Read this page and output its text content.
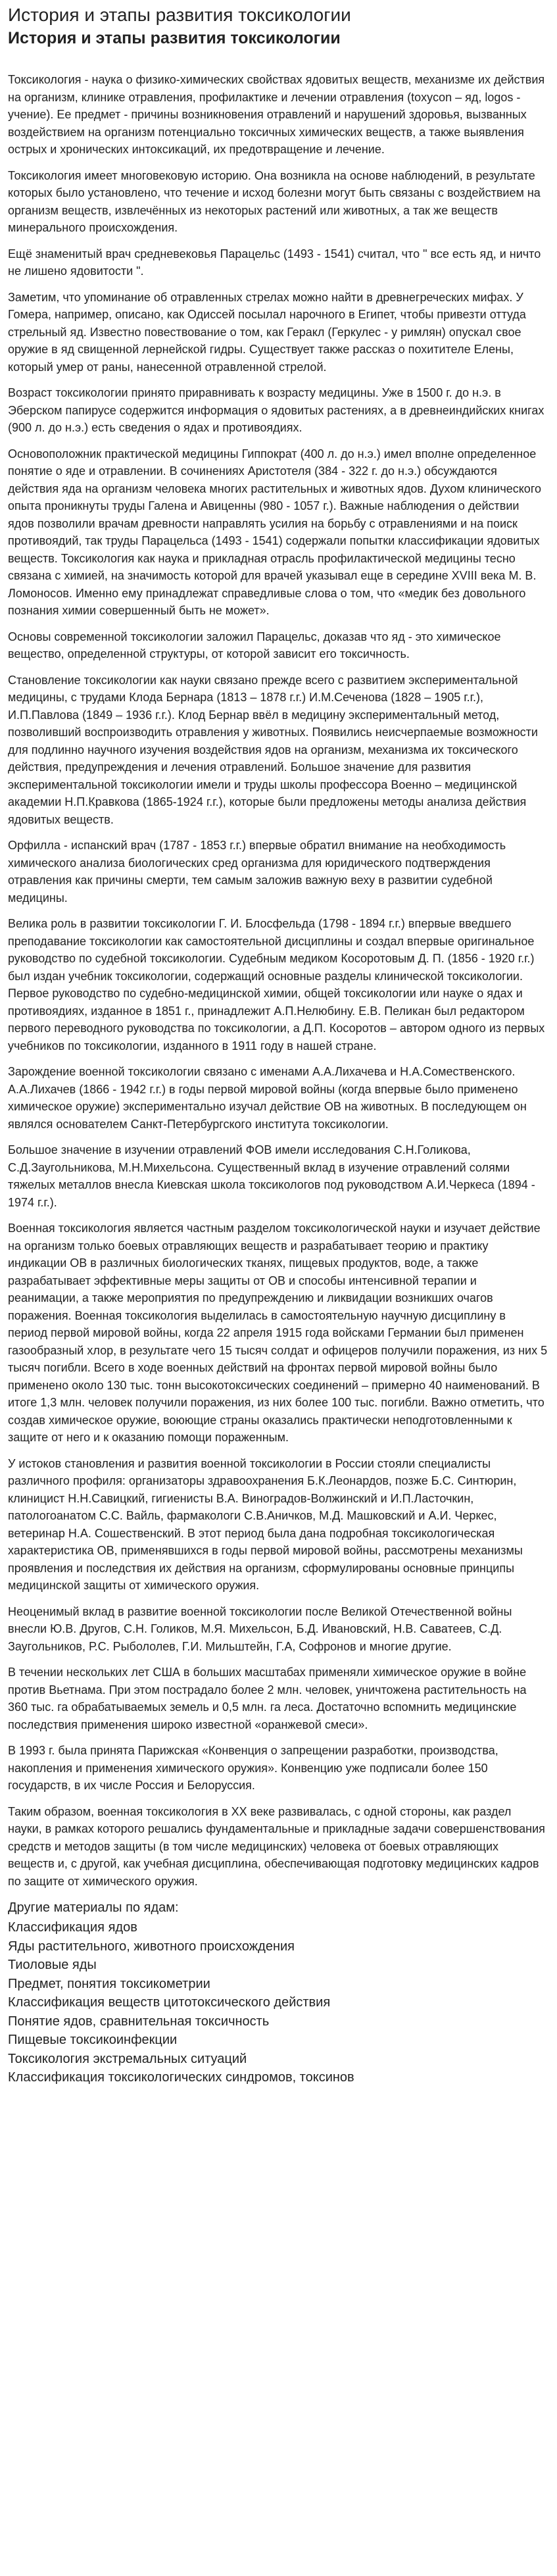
История и этапы развития токсикологии
История и этапы развития токсикологии

Токсикология - наука о физико-химических свойствах ядовитых веществ, механизме их действия на организм, клинике отравления, профилактике и лечении отравления (toxycon – яд, logos - учение). Ее предмет - причины возникновения отравлений и нарушений здоровья, вызванных воздействием на организм потенциально токсичных химических веществ, а также выявления острых и хронических интоксикаций, их предотвращение и лечение.

Токсикология имеет многовековую историю. Она возникла на основе наблюдений, в результате которых было установлено, что течение и исход болезни могут быть связаны с воздействием на организм веществ, извлечённых из некоторых растений или животных, а так же веществ минерального происхождения.

Ещё знаменитый врач средневековья Парацельс (1493 - 1541) считал, что " все есть яд, и ничто не лишено ядовитости ".

Заметим, что упоминание об отравленных стрелах можно найти в древнегреческих мифах. У Гомера, например, описано, как Одиссей посылал нарочного в Египет, чтобы привезти оттуда стрельный яд. Известно повествование о том, как Геракл (Геркулес - у римлян) опускал свое оружие в яд свищенной лернейской гидры. Существует также рассказ о похитителе Елены, который умер от раны, нанесенной отравленной стрелой.

Возраст токсикологии принято приравнивать к возрасту медицины. Уже в 1500 г. до н.э. в Эберском папирусе содержится информация о ядовитых растениях, а в древнеиндийских книгах (900 л. до н.э.) есть сведения о ядах и противоядиях.

Основоположник практической медицины Гиппократ (400 л. до н.э.) имел вполне определенное понятие о яде и отравлении. В сочинениях Аристотеля (384 - 322 г. до н.э.) обсуждаются действия яда на организм человека многих растительных и животных ядов. Духом клинического опыта проникнуты труды Галена и Авиценны (980 - 1057 г.). Важные наблюдения о действии ядов позволили врачам древности направлять усилия на борьбу с отравлениями и на поиск противоядий, так труды Парацельса (1493 - 1541) содержали попытки классификации ядовитых веществ. Токсикология как наука и прикладная отрасль профилактической медицины тесно связана с химией, на значимость которой для врачей указывал еще в середине XVIII века М. В. Ломоносов. Именно ему принадлежат справедливые слова о том, что «медик без довольного познания химии совершенный быть не может».

Основы современной токсикологии заложил Парацельс, доказав что яд - это химическое вещество, определенной структуры, от которой зависит его токсичность.

Становление токсикологии как науки связано прежде всего с развитием экспериментальной медицины, с трудами Клода Бернара (1813 – 1878 г.г.) И.М.Сеченова (1828 – 1905 г.г.), И.П.Павлова (1849 – 1936 г.г.). Клод Бернар ввёл в медицину экспериментальный метод, позволивший воспроизводить отравления у животных. Появились неисчерпаемые возможности для подлинно научного изучения воздействия ядов на организм, механизма их токсического действия, предупреждения и лечения отравлений. Большое значение для развития экспериментальной токсикологии имели и труды школы профессора Военно – медицинской академии Н.П.Кравкова (1865-1924 г.г.), которые были предложены методы анализа действия ядовитых веществ.

Орфилла - испанский врач (1787 - 1853 г.г.) впервые обратил внимание на необходимость химического анализа биологических сред организма для юридического подтверждения отравления как причины смерти, тем самым заложив важную веху в развитии судебной медицины.

Велика роль в развитии токсикологии Г. И. Блосфельда (1798 - 1894 г.г.) впервые введшего преподавание токсикологии как самостоятельной дисциплины и создал впервые оригинальное руководство по судебной токсикологии. Судебным медиком Косоротовым Д. П. (1856 - 1920 г.г.) был издан учебник токсикологии, содержащий основные разделы клинической токсикологии. Первое руководство по судебно-медицинской химии, общей токсикологии или науке о ядах и противоядиях, изданное в 1851 г., принадлежит А.П.Нелюбину. Е.В. Пеликан был редактором первого переводного руководства по токсикологии, а Д.П. Косоротов – автором одного из первых учебников по токсикологии, изданного в 1911 году в нашей стране.

Зарождение военной токсикологии связано с именами А.А.Лихачева и Н.А.Сомественского. А.А.Лихачев (1866 - 1942 г.г.) в годы первой мировой войны (когда впервые было применено химическое оружие) экспериментально изучал действие ОВ на животных. В последующем он являлся основателем Санкт-Петербургского института токсикологии.

Большое значение в изучении отравлений ФОВ имели исследования С.Н.Голикова, С.Д.Заугольникова, М.Н.Михельсона. Существенный вклад в изучение отравлений солями тяжелых металлов внесла Киевская школа токсикологов под руководством А.И.Черкеса (1894 - 1974 г.г.).

Военная токсикология является частным разделом токсикологической науки и изучает действие на организм только боевых отравляющих веществ и разрабатывает теорию и практику индикации ОВ в различных биологических тканях, пищевых продуктов, воде, а также разрабатывает эффективные меры защиты от ОВ и способы интенсивной терапии и реанимации, а также мероприятия по предупреждению и ликвидации возникших очагов поражения. Военная токсикология выделилась в самостоятельную научную дисциплину в период первой мировой войны, когда 22 апреля 1915 года войсками Германии был применен газообразный хлор, в результате чего 15 тысяч солдат и офицеров получили поражения, из них 5 тысяч погибли. Всего в ходе военных действий на фронтах первой мировой войны было применено около 130 тыс. тонн высокотоксических соединений – примерно 40 наименований. В итоге 1,3 млн. человек получили поражения, из них более 100 тыс. погибли. Важно отметить, что создав химическое оружие, воюющие страны оказались практически неподготовленными к защите от него и к оказанию помощи пораженным.

У истоков становления и развития военной токсикологии в России стояли специалисты различного профиля: организаторы здравоохранения Б.К.Леонардов, позже Б.С. Синтюрин, клиницист Н.Н.Савицкий, гигиенисты В.А. Виноградов-Волжинский и И.П.Ласточкин, патологоанатом С.С. Вайль, фармакологи С.В.Аничков, М.Д. Машковский и А.И. Черкес, ветеринар Н.А. Сошественский. В этот период была дана подробная токсикологическая характеристика ОВ, применявшихся в годы первой мировой войны, рассмотрены механизмы проявления и последствия их действия на организм, сформулированы основные принципы медицинской защиты от химического оружия.

Неоценимый вклад в развитие военной токсикологии после Великой Отечественной войны внесли Ю.В. Другов, С.Н. Голиков, М.Я. Михельсон, Б.Д. Ивановский, Н.В. Саватеев, С.Д. Заугольников, Р.С. Рыбололев, Г.И. Мильштейн, Г.А, Софронов и многие другие.

В течении нескольких лет США в больших масштабах применяли химическое оружие в войне против Вьетнама. При этом пострадало более 2 млн. человек, уничтожена растительность на 360 тыс. га обрабатываемых земель и 0,5 млн. га леса. Достаточно вспомнить медицинские последствия применения широко известной «оранжевой смеси».

В 1993 г. была принята Парижская «Конвенция о запрещении разработки, производства, накопления и применения химического оружия». Конвенцию уже подписали более 150 государств, в их числе Россия и Белоруссия.

Таким образом, военная токсикология в ХХ веке развивалась, с одной стороны, как раздел науки, в рамках которого решались фундаментальные и прикладные задачи совершенствования средств и методов защиты (в том числе медицинских) человека от боевых отравляющих веществ и, с другой, как учебная дисциплина, обеспечивающая подготовку медицинских кадров по защите от химического оружия.

Другие материалы по ядам:
Классификация ядов
Яды растительного, животного происхождения
Тиоловые яды
Предмет, понятия токсикометрии
Классификация веществ цитотоксического действия
Понятие ядов, сравнительная токсичность
Пищевые токсикоинфекции
Токсикология экстремальных ситуаций
Классификация токсикологических синдромов, токсинов
